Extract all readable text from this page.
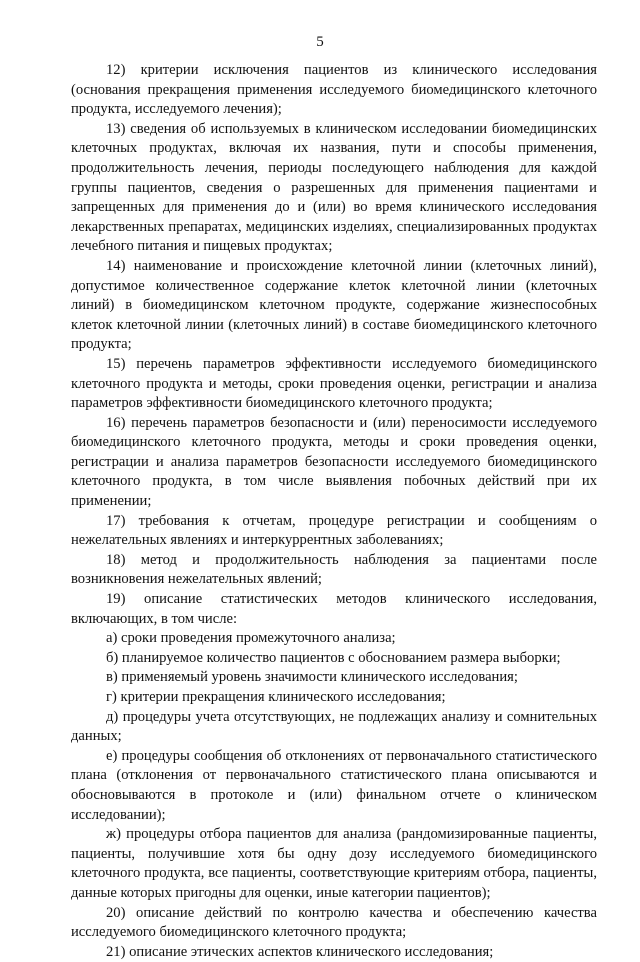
5

12) критерии исключения пациентов из клинического исследования (основания прекращения применения исследуемого биомедицинского клеточного продукта, исследуемого лечения);

13) сведения об используемых в клиническом исследовании биомедицинских клеточных продуктах, включая их названия, пути и способы применения, продолжительность лечения, периоды последующего наблюдения для каждой группы пациентов, сведения о разрешенных для применения пациентами и запрещенных для применения до и (или) во время клинического исследования лекарственных препаратах, медицинских изделиях, специализированных продуктах лечебного питания и пищевых продуктах;

14) наименование и происхождение клеточной линии (клеточных линий), допустимое количественное содержание клеток клеточной линии (клеточных линий) в биомедицинском клеточном продукте, содержание жизнеспособных клеток клеточной линии (клеточных линий) в составе биомедицинского клеточного продукта;

15) перечень параметров эффективности исследуемого биомедицинского клеточного продукта и методы, сроки проведения оценки, регистрации и анализа параметров эффективности биомедицинского клеточного продукта;

16) перечень параметров безопасности и (или) переносимости исследуемого биомедицинского клеточного продукта, методы и сроки проведения оценки, регистрации и анализа параметров безопасности исследуемого биомедицинского клеточного продукта, в том числе выявления побочных действий при их применении;

17) требования к отчетам, процедуре регистрации и сообщениям о нежелательных явлениях и интеркуррентных заболеваниях;

18) метод и продолжительность наблюдения за пациентами после возникновения нежелательных явлений;

19) описание статистических методов клинического исследования, включающих, в том числе:

а) сроки проведения промежуточного анализа;

б) планируемое количество пациентов с обоснованием размера выборки;

в) применяемый уровень значимости клинического исследования;

г) критерии прекращения клинического исследования;

д) процедуры учета отсутствующих, не подлежащих анализу и сомнительных данных;

е) процедуры сообщения об отклонениях от первоначального статистического плана (отклонения от первоначального статистического плана описываются и обосновываются в протоколе и (или) финальном отчете о клиническом исследовании);

ж) процедуры отбора пациентов для анализа (рандомизированные пациенты, пациенты, получившие хотя бы одну дозу исследуемого биомедицинского клеточного продукта, все пациенты, соответствующие критериям отбора, пациенты, данные которых пригодны для оценки, иные категории пациентов);

20) описание действий по контролю качества и обеспечению качества исследуемого биомедицинского клеточного продукта;

21) описание этических аспектов клинического исследования;
